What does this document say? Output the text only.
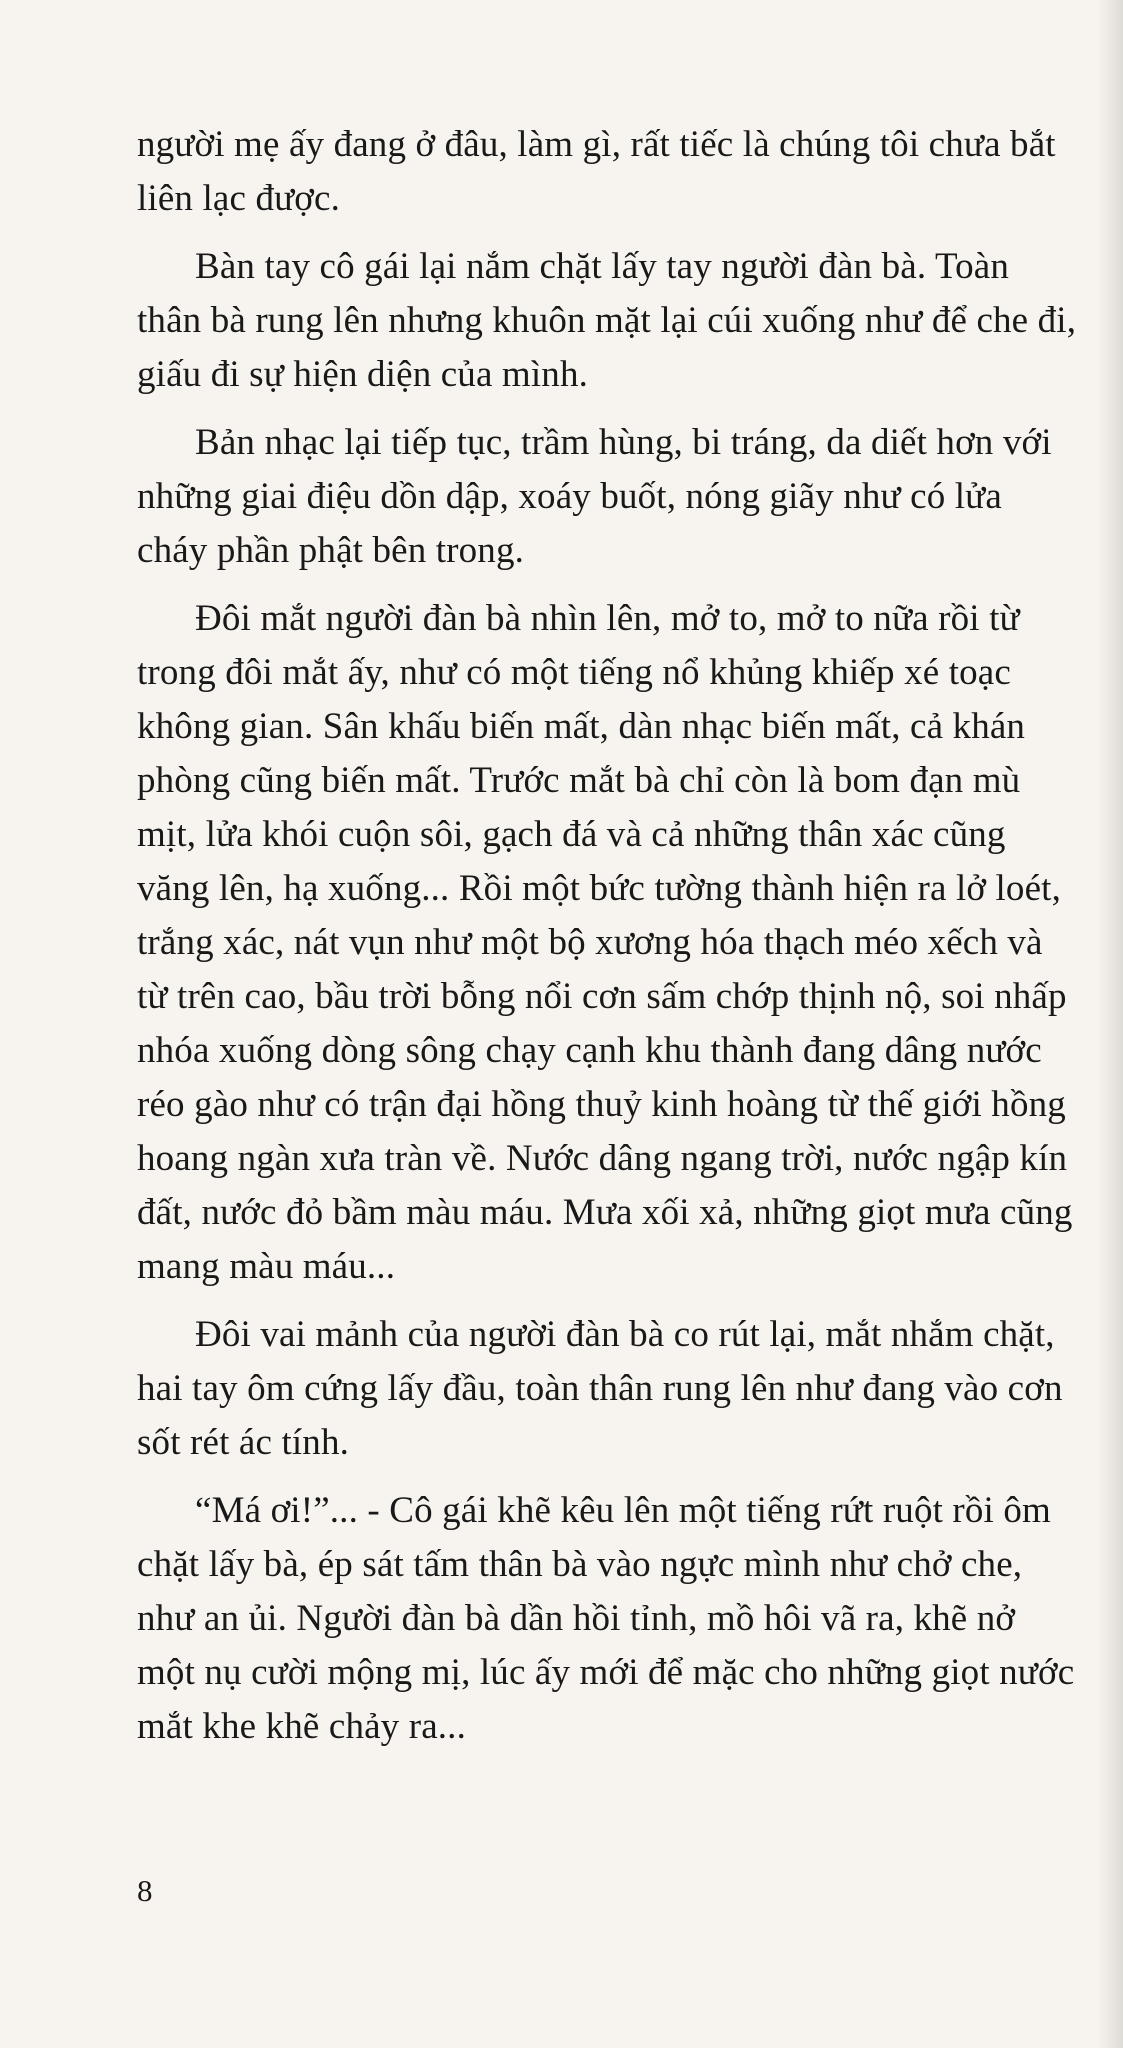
người mẹ ấy đang ở đâu, làm gì, rất tiếc là chúng tôi chưa bắt liên lạc được.

Bàn tay cô gái lại nắm chặt lấy tay người đàn bà. Toàn thân bà rung lên nhưng khuôn mặt lại cúi xuống như để che đi, giấu đi sự hiện diện của mình.

Bản nhạc lại tiếp tục, trầm hùng, bi tráng, da diết hơn với những giai điệu dồn dập, xoáy buốt, nóng giãy như có lửa cháy phần phật bên trong.

Đôi mắt người đàn bà nhìn lên, mở to, mở to nữa rồi từ trong đôi mắt ấy, như có một tiếng nổ khủng khiếp xé toạc không gian. Sân khấu biến mất, dàn nhạc biến mất, cả khán phòng cũng biến mất. Trước mắt bà chỉ còn là bom đạn mù mịt, lửa khói cuộn sôi, gạch đá và cả những thân xác cũng văng lên, hạ xuống... Rồi một bức tường thành hiện ra lở loét, trắng xác, nát vụn như một bộ xương hóa thạch méo xếch và từ trên cao, bầu trời bỗng nổi cơn sấm chớp thịnh nộ, soi nhấp nhóa xuống dòng sông chạy cạnh khu thành đang dâng nước réo gào như có trận đại hồng thuỷ kinh hoàng từ thế giới hồng hoang ngàn xưa tràn về. Nước dâng ngang trời, nước ngập kín đất, nước đỏ bầm màu máu. Mưa xối xả, những giọt mưa cũng mang màu máu...

Đôi vai mảnh của người đàn bà co rút lại, mắt nhắm chặt, hai tay ôm cứng lấy đầu, toàn thân rung lên như đang vào cơn sốt rét ác tính.

“Má ơi!”... - Cô gái khẽ kêu lên một tiếng rứt ruột rồi ôm chặt lấy bà, ép sát tấm thân bà vào ngực mình như chở che, như an ủi. Người đàn bà dần hồi tỉnh, mồ hôi vã ra, khẽ nở một nụ cười mộng mị, lúc ấy mới để mặc cho những giọt nước mắt khe khẽ chảy ra...

8
